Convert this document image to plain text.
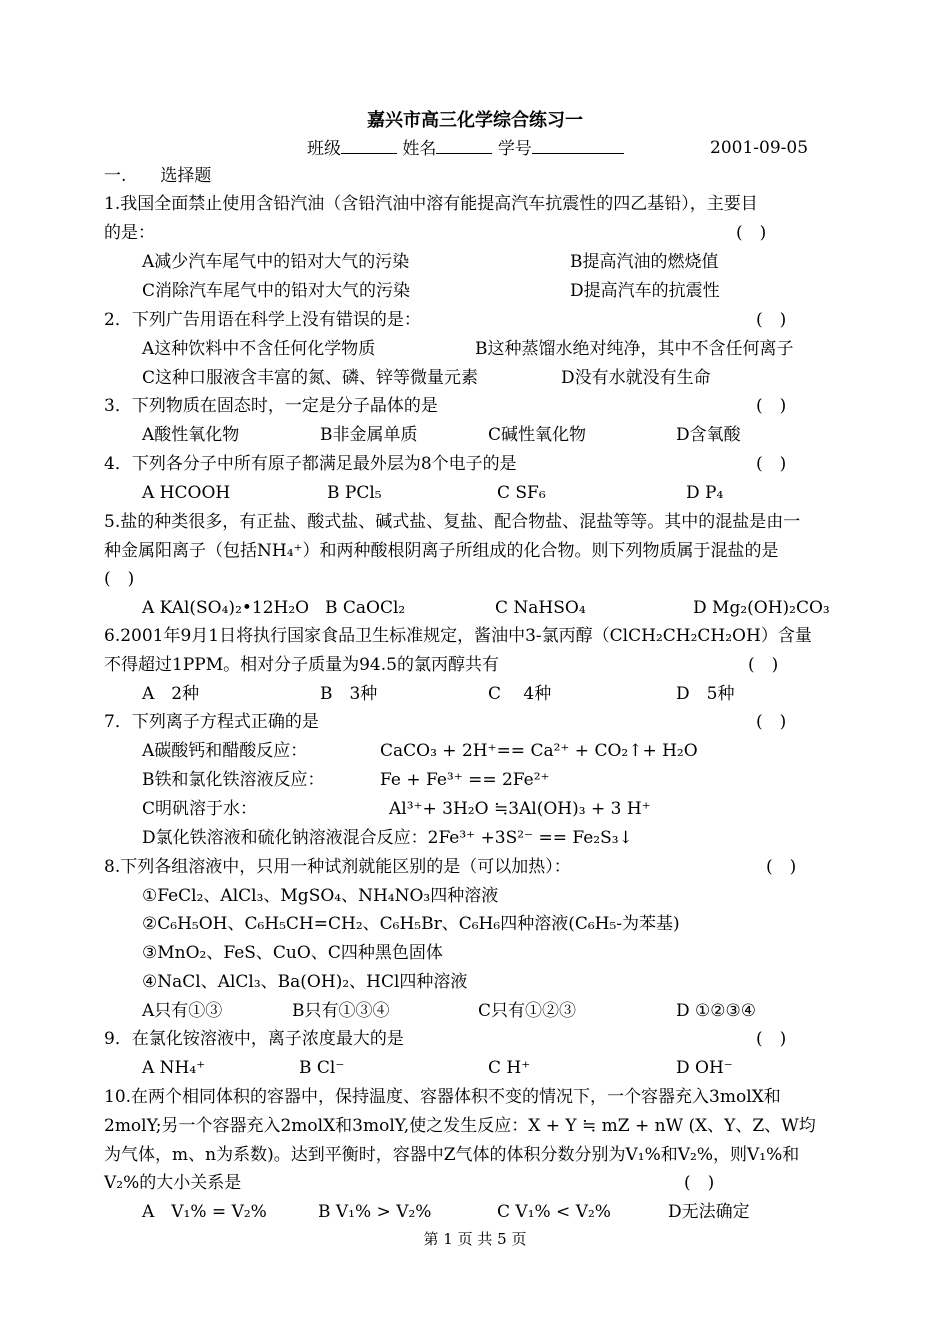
嘉兴市高三化学综合练习一
班级	姓名	学号	2001-09-05
一.　　选择题
1.我国全面禁止使用含铅汽油（含铅汽油中溶有能提高汽车抗震性的四乙基铅），主要目
的是：	(　)
A减少汽车尾气中的铅对大气的污染	B提高汽油的燃烧值
C消除汽车尾气中的铅对大气的污染	D提高汽车的抗震性
2．下列广告用语在科学上没有错误的是：	(　)
A这种饮料中不含任何化学物质	B这种蒸馏水绝对纯净，其中不含任何离子
C这种口服液含丰富的氮、磷、锌等微量元素	D没有水就没有生命
3．下列物质在固态时，一定是分子晶体的是	(　)
A酸性氧化物	B非金属单质	C碱性氧化物	D含氧酸
4．下列各分子中所有原子都满足最外层为8个电子的是	(　)
A HCOOH	B PCl₅	C SF₆	D P₄
5.盐的种类很多，有正盐、酸式盐、碱式盐、复盐、配合物盐、混盐等等。其中的混盐是由一
种金属阳离子（包括NH₄⁺）和两种酸根阴离子所组成的化合物。则下列物质属于混盐的是
(　)
A KAl(SO₄)₂•12H₂O B CaOCl₂	C NaHSO₄	D Mg₂(OH)₂CO₃
6.2001年9月1日将执行国家食品卫生标准规定，酱油中3-氯丙醇（ClCH₂CH₂CH₂OH）含量
不得超过1PPM。相对分子质量为94.5的氯丙醇共有	(　)
A　2种	B　3种	C　 4种	D　5种
7．下列离子方程式正确的是	(　)
A碳酸钙和醋酸反应：	CaCO₃ + 2H⁺== Ca²⁺ + CO₂↑+ H₂O
B铁和氯化铁溶液反应：	Fe + Fe³⁺ == 2Fe²⁺
C明矾溶于水：	Al³⁺+ 3H₂O ≒3Al(OH)₃ + 3 H⁺
D氯化铁溶液和硫化钠溶液混合反应：2Fe³⁺ +3S²⁻ == Fe₂S₃↓
8.下列各组溶液中，只用一种试剂就能区别的是（可以加热）：	(　)
①FeCl₂、AlCl₃、MgSO₄、NH₄NO₃四种溶液
②C₆H₅OH、C₆H₅CH=CH₂、C₆H₅Br、C₆H₆四种溶液(C₆H₅-为苯基)
③MnO₂、FeS、CuO、C四种黑色固体
④NaCl、AlCl₃、Ba(OH)₂、HCl四种溶液
A只有①③	B只有①③④	C只有①②③	D ①②③④
9．在氯化铵溶液中，离子浓度最大的是	(　)
A NH₄⁺	B Cl⁻	C H⁺	D OH⁻
10.在两个相同体积的容器中，保持温度、容器体积不变的情况下，一个容器充入3molX和
2molY;另一个容器充入2molX和3molY,使之发生反应：X + Y ≒ mZ + nW (X、Y、Z、W均
为气体，m、n为系数)。达到平衡时，容器中Z气体的体积分数分别为V₁%和V₂%，则V₁%和
V₂%的大小关系是	(　)
A　V₁% = V₂%	B V₁% > V₂%	C V₁% < V₂%	D无法确定
第 1 页 共 5 页
